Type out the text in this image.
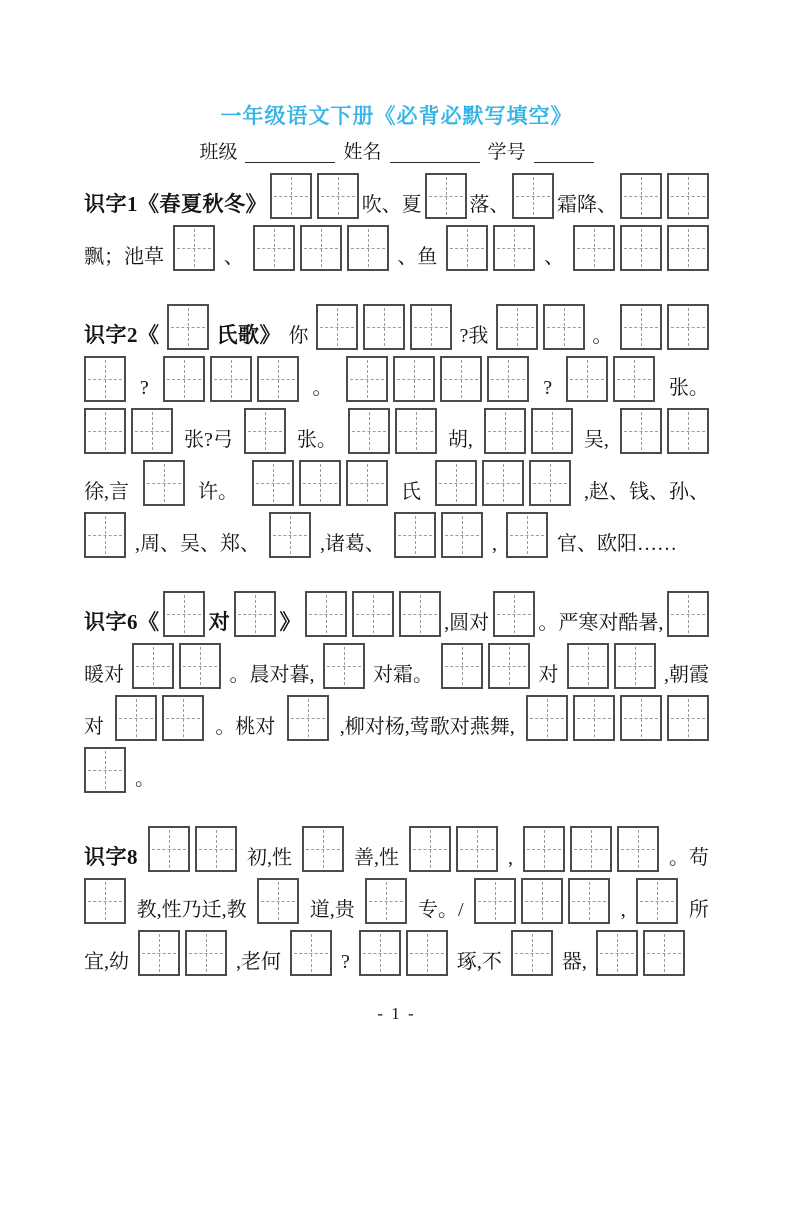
一年级语文下册《必背必默写填空》
班级	姓名	学号
识字1《春夏秋冬》	吹、夏 落、 霜降、
飘；池草	、	、鱼	、
识字2《	氏歌》 你	?我	。
?	。	?	张。
张?弓	张。	胡,	吴,
徐,言	许。	氏	,赵、钱、孙、
,周、吴、郑、	,诸葛、	,	官、欧阳……
识字6《 对 》	,圆对 。严寒对酷暑,
暖对	。晨对暮,	对霜。	对	,朝霞
对	。桃对	,柳对杨,莺歌对燕舞,
。
识字8	初,性	善,性	,	。苟
教,性乃迁,教	道,贵	专。/	,	所
宜,幼	,老何	?	琢,不	器,
- 1 -
